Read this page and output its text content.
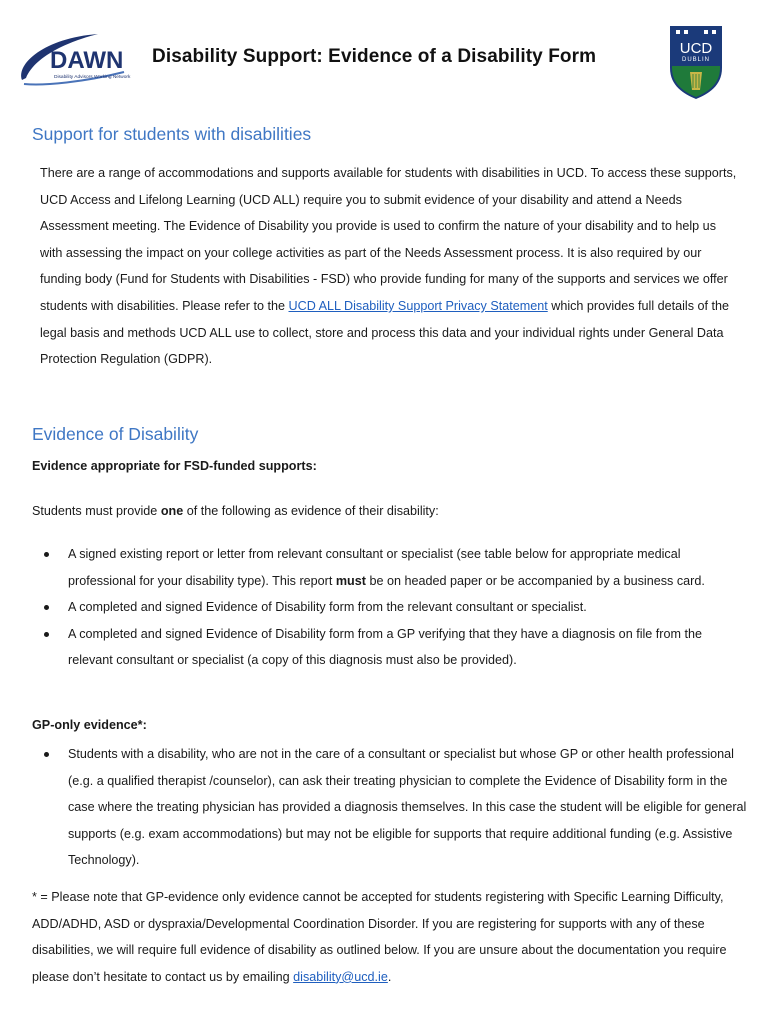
DAWN
Disability Advisors Working Network
Disability Support: Evidence of a Disability Form	UCD
DUBLIN
Support for students with disabilities
There are a range of accommodations and supports available for students with disabilities in UCD. To access these supports, UCD Access and Lifelong Learning (UCD ALL) require you to submit evidence of your disability and attend a Needs Assessment meeting. The Evidence of Disability you provide is used to confirm the nature of your disability and to help us with assessing the impact on your college activities as part of the Needs Assessment process. It is also required by our funding body (Fund for Students with Disabilities - FSD) who provide funding for many of the supports and services we offer students with disabilities. Please refer to the UCD ALL Disability Support Privacy Statement which provides full details of the legal basis and methods UCD ALL use to collect, store and process this data and your individual rights under General Data Protection Regulation (GDPR).
Evidence of Disability
Evidence appropriate for FSD-funded supports:
Students must provide one of the following as evidence of their disability:
A signed existing report or letter from relevant consultant or specialist (see table below for appropriate medical professional for your disability type). This report must be on headed paper or be accompanied by a business card.
A completed and signed Evidence of Disability form from the relevant consultant or specialist.
A completed and signed Evidence of Disability form from a GP verifying that they have a diagnosis on file from the relevant consultant or specialist (a copy of this diagnosis must also be provided).
GP-only evidence*:
Students with a disability, who are not in the care of a consultant or specialist but whose GP or other health professional (e.g. a qualified therapist /counselor), can ask their treating physician to complete the Evidence of Disability form in the case where the treating physician has provided a diagnosis themselves. In this case the student will be eligible for general supports (e.g. exam accommodations) but may not be eligible for supports that require additional funding (e.g. Assistive Technology).
* = Please note that GP-evidence only evidence cannot be accepted for students registering with Specific Learning Difficulty, ADD/ADHD, ASD or dyspraxia/Developmental Coordination Disorder. If you are registering for supports with any of these disabilities, we will require full evidence of disability as outlined below. If you are unsure about the documentation you require please don’t hesitate to contact us by emailing disability@ucd.ie.
